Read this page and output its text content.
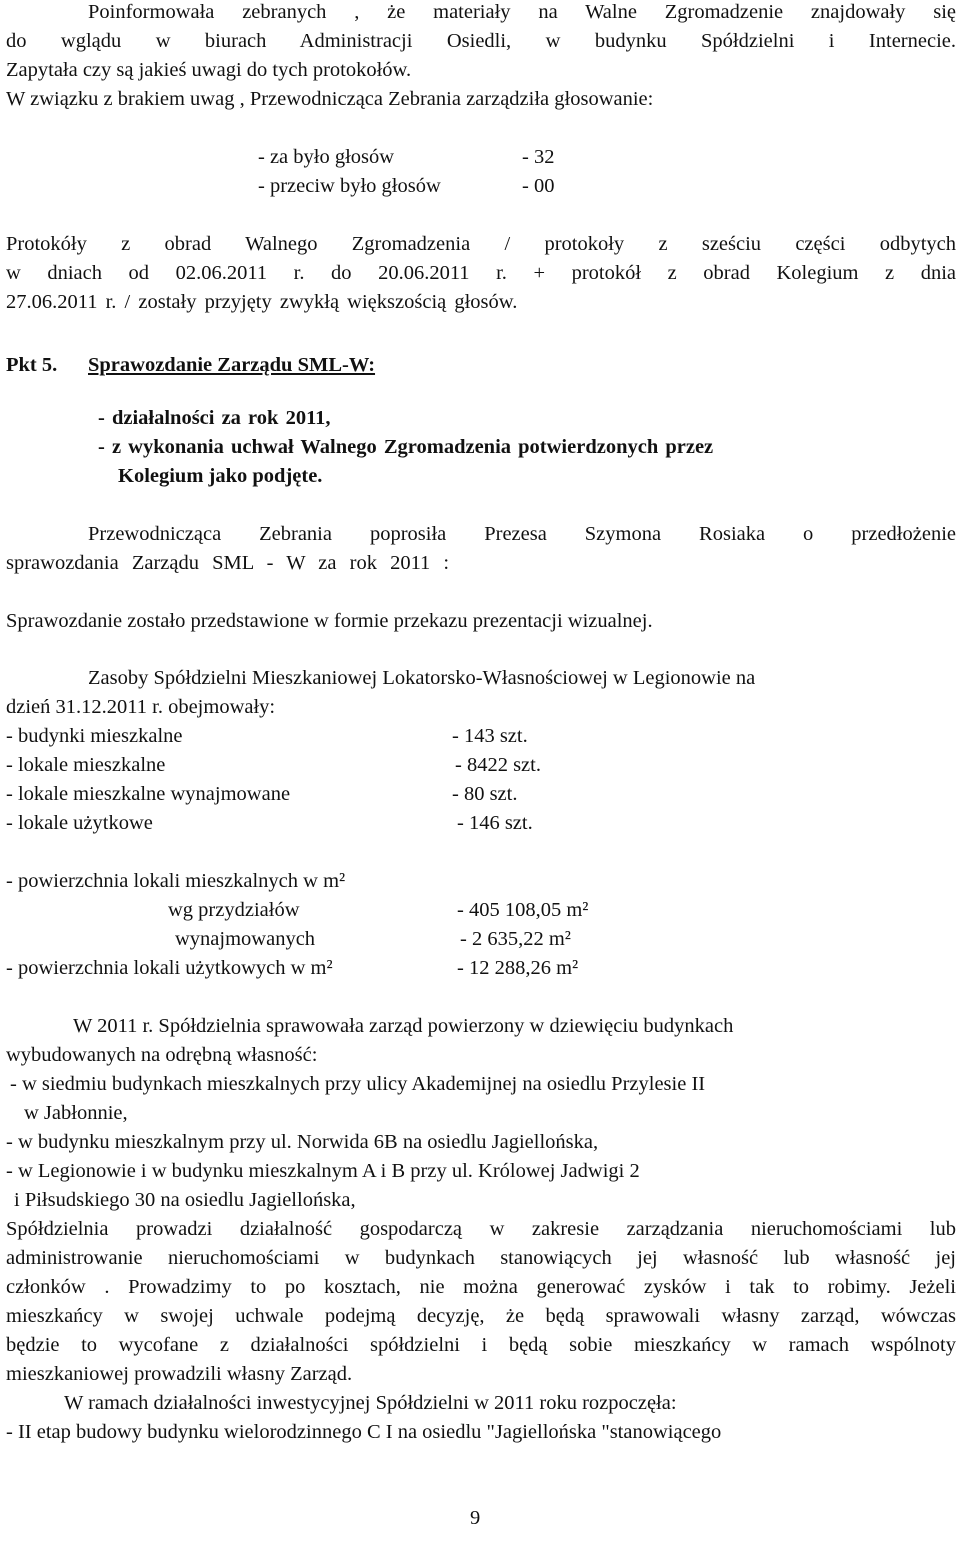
Poinformowała zebranych , że materiały na Walne Zgromadzenie znajdowały się
do wglądu w biurach Administracji Osiedli, w budynku Spółdzielni i Internecie.
Zapytała czy są jakieś uwagi do tych protokołów.
W związku z brakiem uwag , Przewodnicząca Zebrania zarządziła głosowanie:
- za było głosów	- 32
- przeciw było głosów	- 00
Protokóły z obrad Walnego Zgromadzenia / protokoły z sześciu części odbytych
w dniach od 02.06.2011 r. do 20.06.2011 r. + protokół z obrad Kolegium z dnia
27.06.2011 r. / zostały przyjęty zwykłą większością głosów.
Pkt 5. Sprawozdanie Zarządu SML-W:
- działalności za rok 2011,
- z wykonania uchwał Walnego Zgromadzenia potwierdzonych przez
Kolegium jako podjęte.
Przewodnicząca Zebrania poprosiła Prezesa Szymona Rosiaka o przedłożenie
sprawozdania Zarządu SML - W za rok 2011 :
Sprawozdanie zostało przedstawione w formie przekazu prezentacji wizualnej.
Zasoby Spółdzielni Mieszkaniowej Lokatorsko-Własnościowej w Legionowie na
dzień 31.12.2011 r. obejmowały:
- budynki mieszkalne	- 143 szt.
- lokale mieszkalne	- 8422 szt.
- lokale mieszkalne wynajmowane	- 80 szt.
- lokale użytkowe	- 146 szt.
- powierzchnia lokali mieszkalnych w m²
wg przydziałów	- 405 108,05 m²
wynajmowanych	- 2 635,22 m²
- powierzchnia lokali użytkowych w m²	- 12 288,26 m²
W 2011 r. Spółdzielnia sprawowała zarząd powierzony w dziewięciu budynkach
wybudowanych na odrębną własność:
- w siedmiu budynkach mieszkalnych przy ulicy Akademijnej na osiedlu Przylesie II
w Jabłonnie,
- w budynku mieszkalnym przy ul. Norwida 6B na osiedlu Jagiellońska,
- w Legionowie i w budynku mieszkalnym A i B przy ul. Królowej Jadwigi 2
i Piłsudskiego 30 na osiedlu Jagiellońska,
Spółdzielnia prowadzi działalność gospodarczą w zakresie zarządzania nieruchomościami lub
administrowanie nieruchomościami w budynkach stanowiących jej własność lub własność jej
członków . Prowadzimy to po kosztach, nie można generować zysków i tak to robimy. Jeżeli
mieszkańcy w swojej uchwale podejmą decyzję, że będą sprawowali własny zarząd, wówczas
będzie to wycofane z działalności spółdzielni i będą sobie mieszkańcy w ramach wspólnoty
mieszkaniowej prowadzili własny Zarząd.
W ramach działalności inwestycyjnej Spółdzielni w 2011 roku rozpoczęła:
- II etap budowy budynku wielorodzinnego C I na osiedlu "Jagiellońska "stanowiącego
9
